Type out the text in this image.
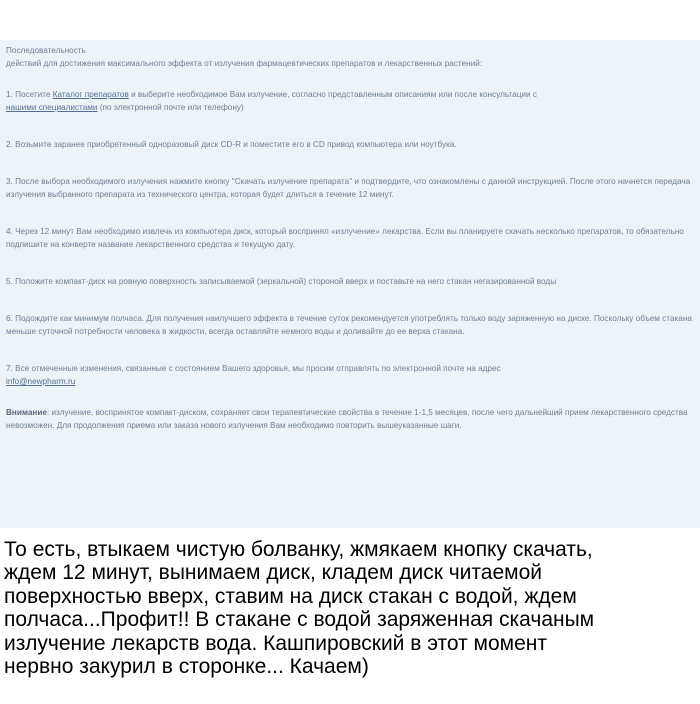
Последовательность
действий для достижения максимального эффекта от излучения фармацевтических препаратов и лекарственных растений:

1. Посетите Каталог препаратов и выберите необходимое Вам излучение, согласно представленным описаниям или после консультации с
нашими специалистами (по электронной почте или телефону)

2. Возьмите заранее приобретенный одноразовый диск CD-R и поместите его в CD привод компьютера или ноутбука.

3. После выбора необходимого излучения нажмите кнопку "Скачать излучение препарата" и подтвердите, что ознакомлены с данной инструкцией. После этого начнется передача излучения выбранного препарата из технического центра, которая будет длиться в течение 12 минут.

4. Через 12 минут Вам необходимо извлечь из компьютера диск, который воспринял «излучение» лекарства. Если вы планируете скачать несколько препаратов, то обязательно подпишите на конверте название лекарственного средства и текущую дату.

5. Положите компакт-диск на ровную поверхность записываемой (зеркальной) стороной вверх и поставьте на него стакан негазированной воды

6. Подождите как минимум полчаса. Для получения наилучшего эффекта в течение суток рекомендуется употреблять только воду заряженную на диске. Поскольку объем стакана меньше суточной потребности человека в жидкости, всегда оставляйте немного воды и доливайте до ее верха стакана.

7. Все отмеченные изменения, связанные с состоянием Вашего здоровья, мы просим отправлять по электронной почте на адрес
info@newpharm.ru

Внимание: излучение, воспринятое компакт-диском, сохраняет свои терапевтические свойства в течение 1-1,5 месяцев, после чего дальнейший прием лекарственного средства невозможен. Для продолжения приема или заказа нового излучения Вам необходимо повторить вышеуказанные шаги.

То есть, втыкаем чистую болванку, жмякаем кнопку скачать,
ждем 12 минут, вынимаем диск, кладем диск читаемой
поверхностью вверх, ставим на диск стакан с водой, ждем
полчаса...Профит!! В стакане с водой заряженная скачаным
излучение лекарств вода. Кашпировский в этот момент
нервно закурил в сторонке... Качаем)
